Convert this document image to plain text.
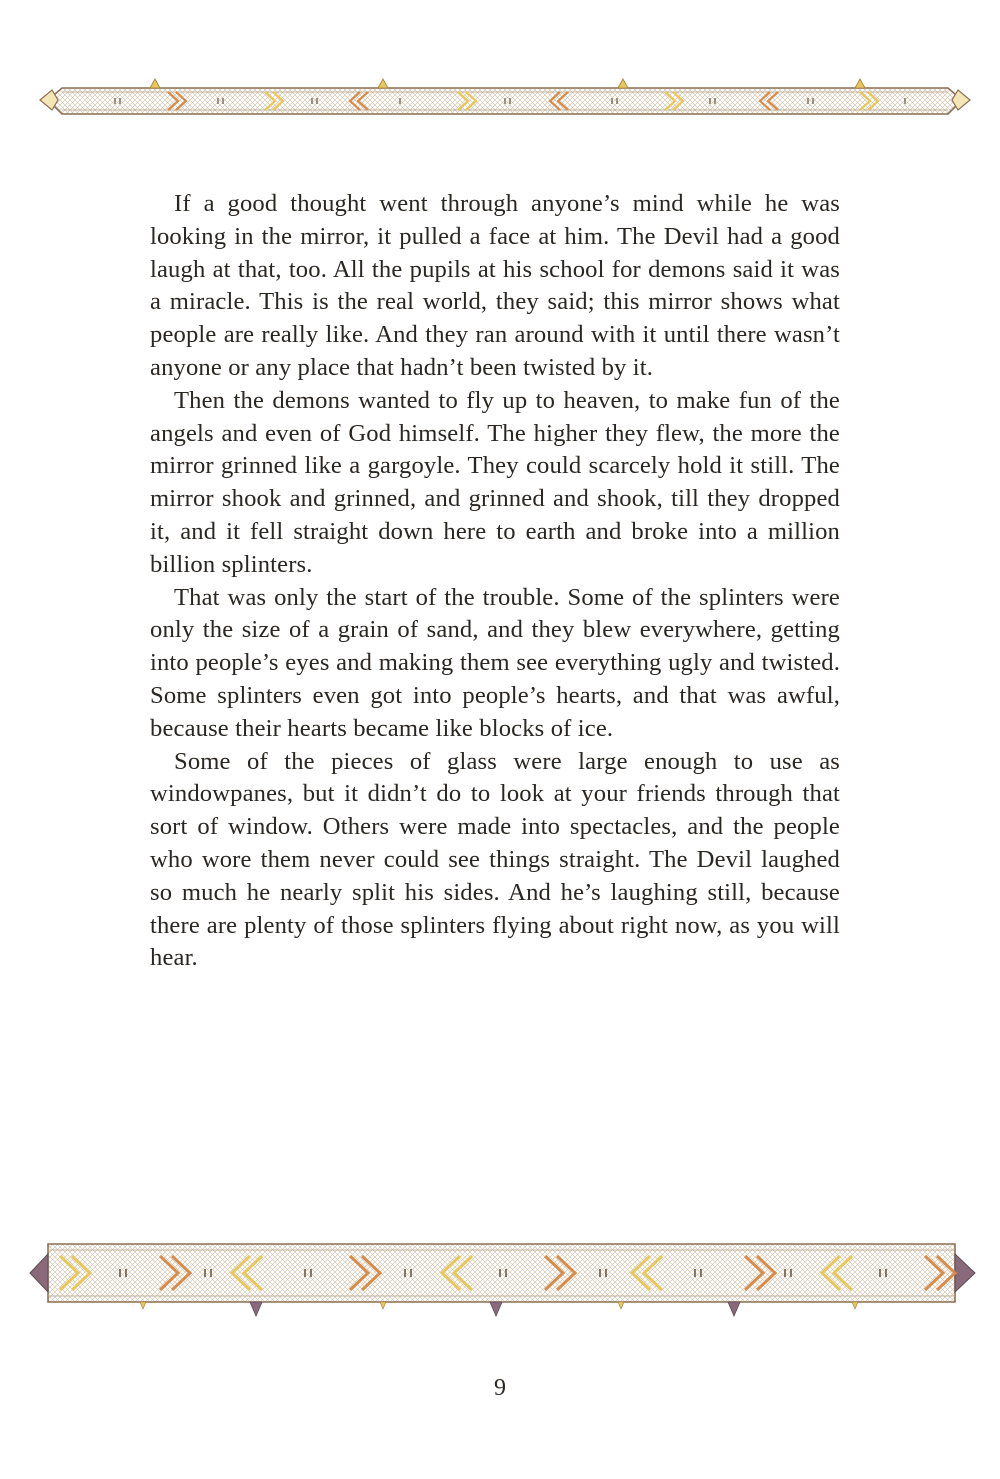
If a good thought went through anyone’s mind while he was looking in the mirror, it pulled a face at him. The Devil had a good laugh at that, too. All the pupils at his school for demons said it was a miracle. This is the real world, they said; this mirror shows what people are really like. And they ran around with it until there wasn’t anyone or any place that hadn’t been twisted by it.

Then the demons wanted to fly up to heaven, to make fun of the angels and even of God himself. The higher they flew, the more the mirror grinned like a gargoyle. They could scarcely hold it still. The mirror shook and grinned, and grinned and shook, till they dropped it, and it fell straight down here to earth and broke into a million billion splinters.

That was only the start of the trouble. Some of the splinters were only the size of a grain of sand, and they blew everywhere, getting into people’s eyes and making them see everything ugly and twisted. Some splinters even got into people’s hearts, and that was awful, because their hearts became like blocks of ice.

Some of the pieces of glass were large enough to use as windowpanes, but it didn’t do to look at your friends through that sort of window. Others were made into spectacles, and the people who wore them never could see things straight. The Devil laughed so much he nearly split his sides. And he’s laughing still, because there are plenty of those splinters flying about right now, as you will hear.

9
